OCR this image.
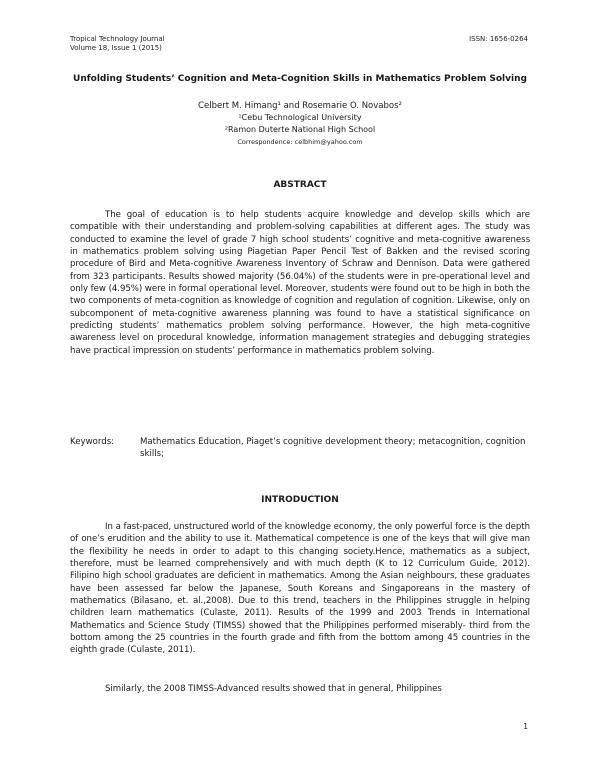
Tropical Technology Journal
Volume 18, Issue 1 (2015)
ISSN: 1656-0264
Unfolding Students’ Cognition and Meta-Cognition Skills in Mathematics Problem Solving
Celbert M. Himang¹ and Rosemarie O. Novabos²
¹Cebu Technological University
²Ramon Duterte National High School
Correspondence: celbhim@yahoo.com
ABSTRACT

The goal of education is to help students acquire knowledge and develop skills which are compatible with their understanding and problem-solving capabilities at different ages. The study was conducted to examine the level of grade 7 high school students’ cognitive and meta-cognitive awareness in mathematics problem solving using Piagetian Paper Pencil Test of Bakken and the revised scoring procedure of Bird and Meta-cognitive Awareness Inventory of Schraw and Dennison. Data were gathered from 323 participants. Results showed majority (56.04%) of the students were in pre-operational level and only few (4.95%) were in formal operational level. Moreover, students were found out to be high in both the two components of meta-cognition as knowledge of cognition and regulation of cognition. Likewise, only on subcomponent of meta-cognitive awareness planning was found to have a statistical significance on predicting students’ mathematics problem solving performance. However, the high meta-cognitive awareness level on procedural knowledge, information management strategies and debugging strategies have practical impression on students’ performance in mathematics problem solving.

Keywords:	Mathematics Education, Piaget’s cognitive development theory; metacognition, cognition skills;
INTRODUCTION

In a fast-paced, unstructured world of the knowledge economy, the only powerful force is the depth of one’s erudition and the ability to use it. Mathematical competence is one of the keys that will give man the flexibility he needs in order to adapt to this changing society.Hence, mathematics as a subject, therefore, must be learned comprehensively and with much depth (K to 12 Curriculum Guide, 2012). Filipino high school graduates are deficient in mathematics. Among the Asian neighbours, these graduates have been assessed far below the Japanese, South Koreans and Singaporeans in the mastery of mathematics (Bilasano, et. al.,2008). Due to this trend, teachers in the Philippines struggle in helping children learn mathematics (Culaste, 2011). Results of the 1999 and 2003 Trends in International Mathematics and Science Study (TIMSS) showed that the Philippines performed miserably- third from the bottom among the 25 countries in the fourth grade and fifth from the bottom among 45 countries in the eighth grade (Culaste, 2011).

Similarly, the 2008 TIMSS-Advanced results showed that in general, Philippines

1
